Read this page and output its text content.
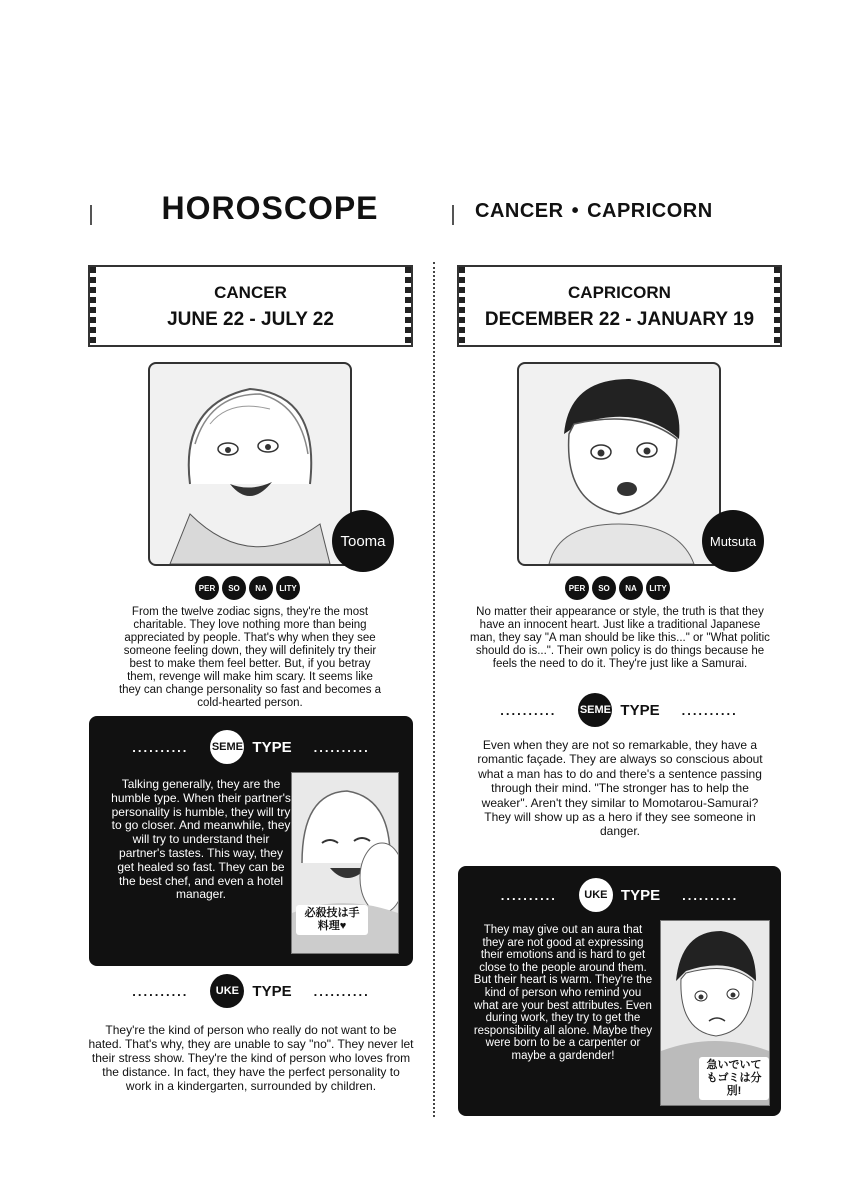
HOROSCOPE	CANCER • CAPRICORN
CANCER
JUNE 22 - JULY 22
Tooma
PER	SO	NA	LITY
From the twelve zodiac signs, they're the most charitable. They love nothing more than being appreciated by people. That's why when they see someone feeling down, they will definitely try their best to make them feel better. But, if you betray them, revenge will make him scary. It seems like they can change personality so fast and becomes a cold-hearted person.
.......... SEME TYPE ..........
Talking generally, they are the humble type. When their partner's personality is humble, they will try to go closer. And meanwhile, they will try to understand their partner's tastes. This way, they get healed so fast. They can be the best chef, and even a hotel manager.
必殺技は手料理♥
..........	UKE TYPE ..........
They're the kind of person who really do not want to be hated. That's why, they are unable to say "no". They never let their stress show. They're the kind of person who loves from the distance. In fact, they have the perfect personality to work in a kindergarten, surrounded by children.
CAPRICORN
DECEMBER 22 - JANUARY 19
Mutsuta
PER	SO	NA	LITY
No matter their appearance or style, the truth is that they have an innocent heart. Just like a traditional Japanese man, they say "A man should be like this..." or "What politic should do is...". Their own policy is do things because he feels the need to do it. They're just like a Samurai.
.......... SEME TYPE ..........
Even when they are not so remarkable, they have a romantic façade. They are always so conscious about what a man has to do and there's a sentence passing through their mind. "The stronger has to help the weaker". Aren't they similar to Momotarou-Samurai? They will show up as a hero if they see someone in danger.
..........	UKE TYPE ..........
They may give out an aura that they are not good at expressing their emotions and is hard to get close to the people around them. But their heart is warm. They're the kind of person who remind you what are your best attributes. Even during work, they try to get the responsibility all alone. Maybe they were born to be a carpenter or maybe a gardender!
急いでいてもゴミは分別!
